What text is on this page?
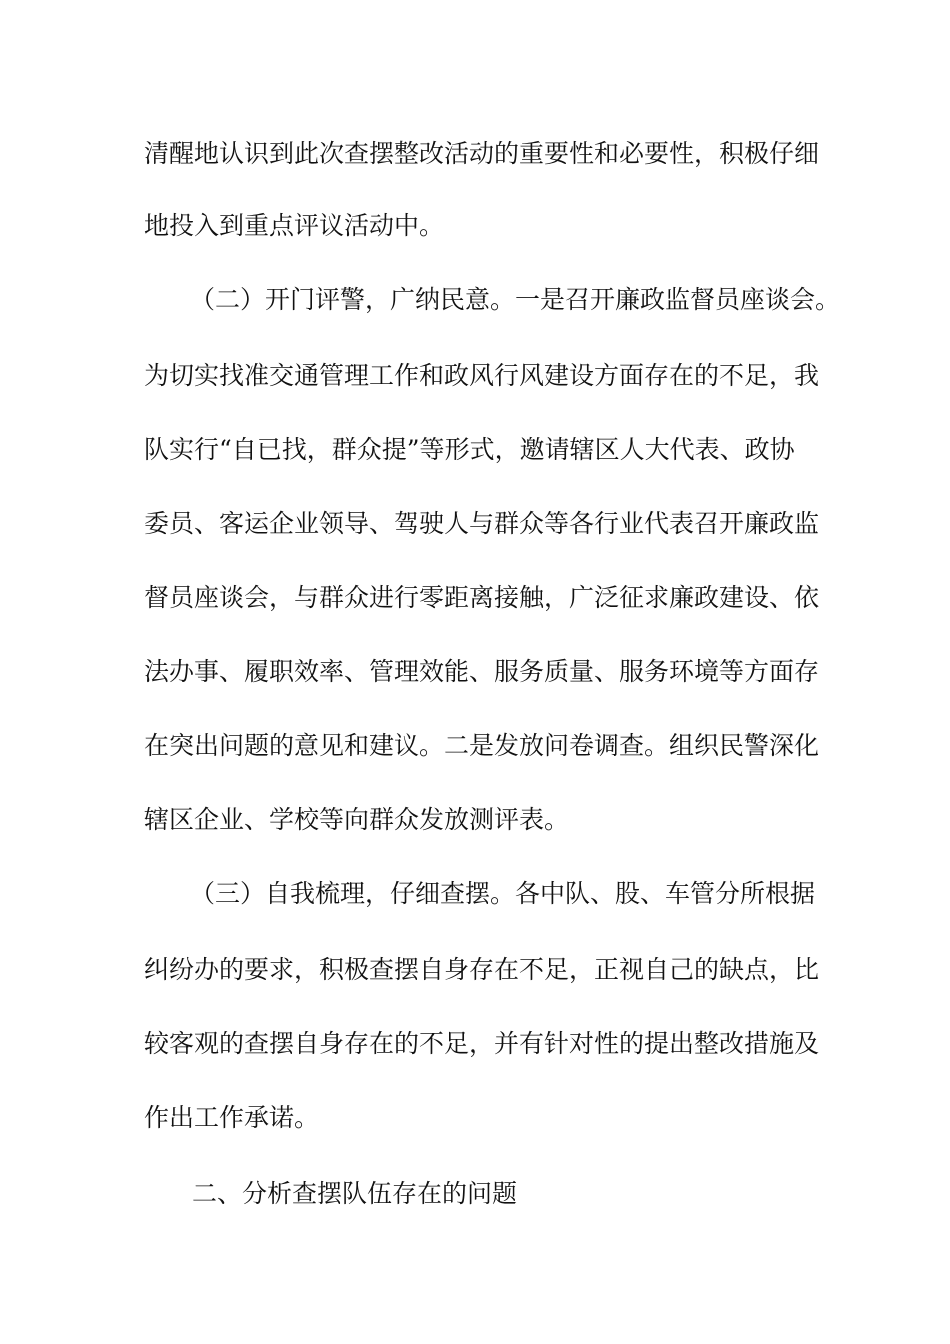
清醒地认识到此次查摆整改活动的重要性和必要性，积极仔细
地投入到重点评议活动中。
（二）开门评警，广纳民意。一是召开廉政监督员座谈会。
为切实找准交通管理工作和政风行风建设方面存在的不足，我
队实行“自已找，群众提”等形式，邀请辖区人大代表、政协
委员、客运企业领导、驾驶人与群众等各行业代表召开廉政监
督员座谈会，与群众进行零距离接触，广泛征求廉政建设、依
法办事、履职效率、管理效能、服务质量、服务环境等方面存
在突出问题的意见和建议。二是发放问卷调查。组织民警深化
辖区企业、学校等向群众发放测评表。
（三）自我梳理，仔细查摆。各中队、股、车管分所根据
纠纷办的要求，积极查摆自身存在不足，正视自己的缺点，比
较客观的查摆自身存在的不足，并有针对性的提出整改措施及
作出工作承诺。
二、分析查摆队伍存在的问题
